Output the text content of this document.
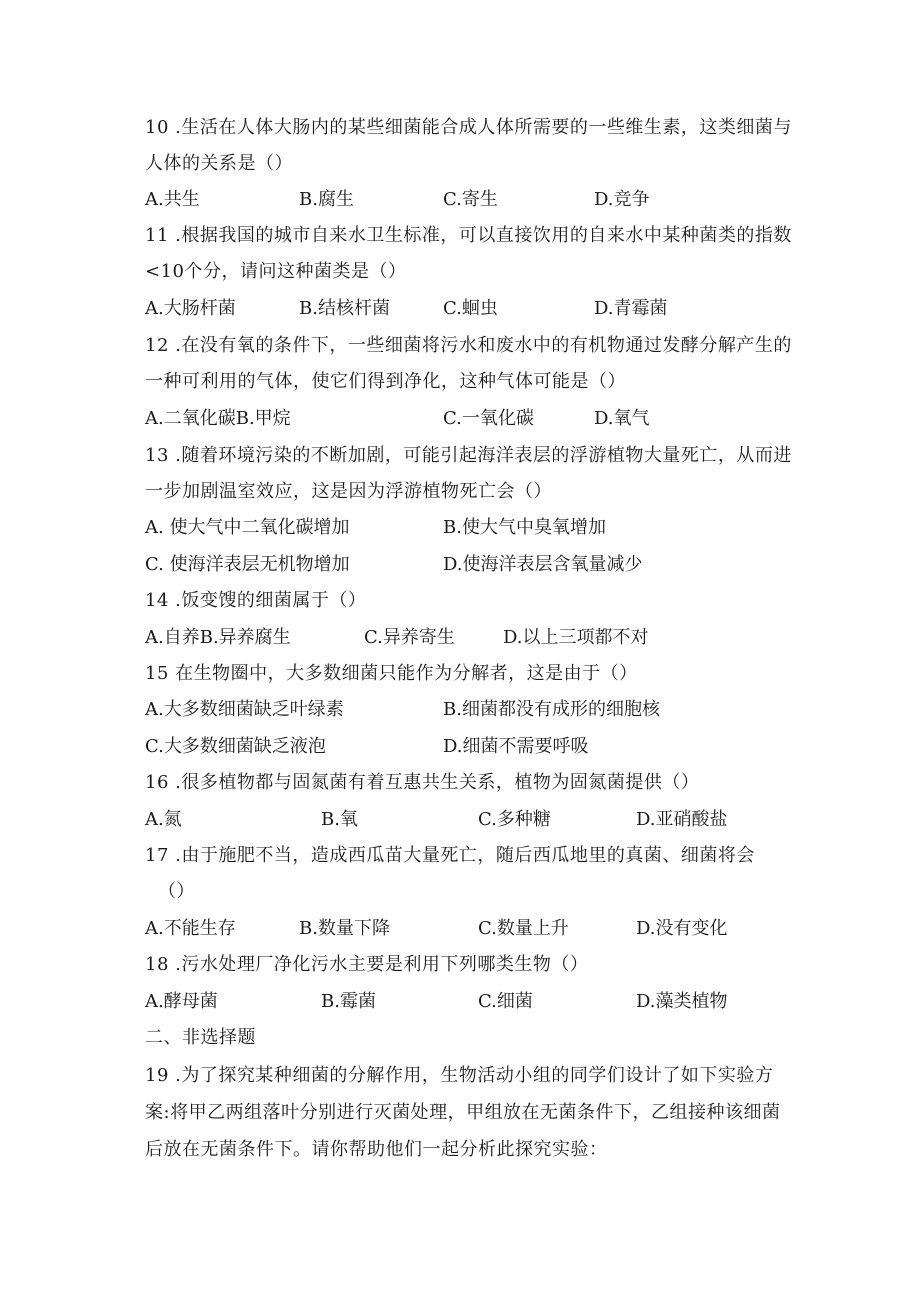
10 .生活在人体大肠内的某些细菌能合成人体所需要的一些维生素，这类细菌与
人体的关系是（）
A.共生	B.腐生	C.寄生	D.竞争
11 .根据我国的城市自来水卫生标准，可以直接饮用的自来水中某种菌类的指数
<10个分，请问这种菌类是（）
A.大肠杆菌	B.结核杆菌	C.蛔虫	D.青霉菌
12 .在没有氧的条件下，一些细菌将污水和废水中的有机物通过发酵分解产生的
一种可利用的气体，使它们得到净化，这种气体可能是（）
A.二氧化碳B.甲烷	C.一氧化碳	D.氧气
13 .随着环境污染的不断加剧，可能引起海洋表层的浮游植物大量死亡，从而进
一步加剧温室效应，这是因为浮游植物死亡会（）
A. 使大气中二氧化碳增加	B.使大气中臭氧增加
C. 使海洋表层无机物增加	D.使海洋表层含氧量减少
14 .饭变馊的细菌属于（）
A.自养B.异养腐生	C.异养寄生	D.以上三项都不对
15 在生物圈中，大多数细菌只能作为分解者，这是由于（）
A.大多数细菌缺乏叶绿素	B.细菌都没有成形的细胞核
C.大多数细菌缺乏液泡	D.细菌不需要呼吸
16 .很多植物都与固氮菌有着互惠共生关系，植物为固氮菌提供（）
A.氮	B.氧	C.多种糖	D.亚硝酸盐
17 .由于施肥不当，造成西瓜苗大量死亡，随后西瓜地里的真菌、细菌将会
（）
A.不能生存	B.数量下降	C.数量上升	D.没有变化
18 .污水处理厂净化污水主要是利用下列哪类生物（）
A.酵母菌	B.霉菌	C.细菌	D.藻类植物
二、非选择题
19 .为了探究某种细菌的分解作用，生物活动小组的同学们设计了如下实验方
案:将甲乙两组落叶分别进行灭菌处理，甲组放在无菌条件下，乙组接种该细菌
后放在无菌条件下。请你帮助他们一起分析此探究实验：
